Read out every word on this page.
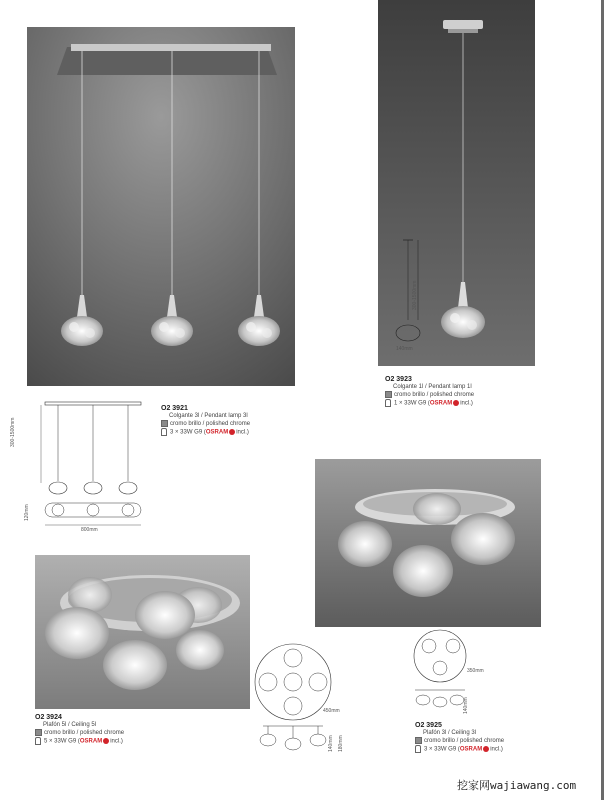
300-1500mm
120mm
800mm
O2 3921
Colgante 3l / Pendant lamp 3l
cromo brillo / polished chrome
3 × 33W G9 (OSRAM incl.)
O2 3923
Colgante 1l / Pendant lamp 1l
cromo brillo / polished chrome
1 × 33W G9 (OSRAM incl.)
300-1500mm
140mm
O2 3924
Plafón 5l / Ceiling 5l
cromo brillo / polished chrome
5 × 33W G9 (OSRAM incl.)
450mm
180mm
140mm
350mm
140mm
O2 3925
Plafón 3l / Ceiling 3l
cromo brillo / polished chrome
3 × 33W G9 (OSRAM incl.)
挖家网wajiawang.com
